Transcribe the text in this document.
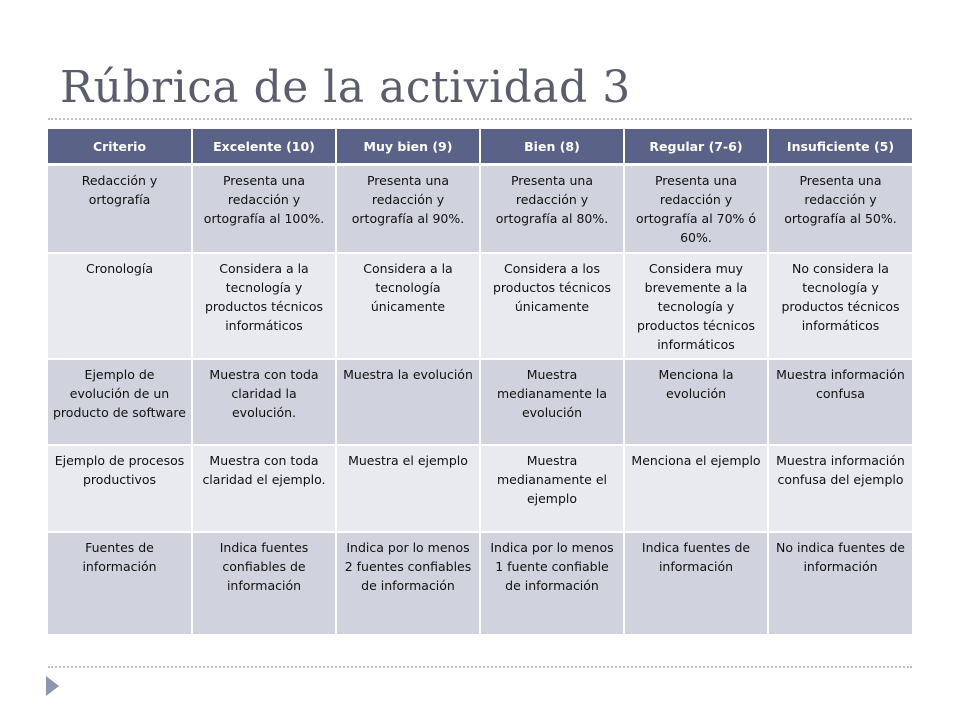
Rúbrica de la actividad 3
Criterio	Excelente (10)	Muy bien (9)	Bien (8)	Regular (7-6)	Insuficiente (5)
Redacción y ortografía	Presenta una redacción y ortografía al 100%.	Presenta una redacción y ortografía al 90%.	Presenta una redacción y ortografía al 80%.	Presenta una redacción y ortografía al 70% ó 60%.	Presenta una redacción y ortografía al 50%.
Cronología	Considera a la tecnología y productos técnicos informáticos	Considera a la tecnología únicamente	Considera a los productos técnicos únicamente	Considera muy brevemente a la tecnología y productos técnicos informáticos	No considera la tecnología y productos técnicos informáticos
Ejemplo de evolución de un producto de software	Muestra con toda claridad la evolución.	Muestra la evolución	Muestra medianamente la evolución	Menciona la evolución	Muestra información confusa
Ejemplo de procesos productivos	Muestra con toda claridad el ejemplo.	Muestra el ejemplo	Muestra medianamente el ejemplo	Menciona el ejemplo	Muestra información confusa del ejemplo
Fuentes de información	Indica fuentes confiables de información	Indica por lo menos 2 fuentes confiables de información	Indica por lo menos 1 fuente confiable de información	Indica fuentes de información	No indica fuentes de información
